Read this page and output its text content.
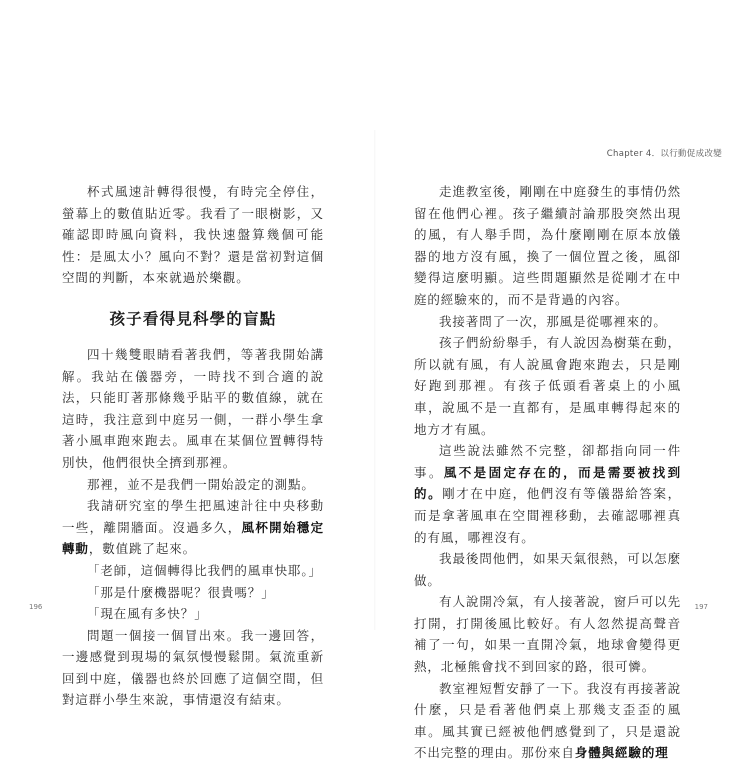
杯式風速計轉得很慢，有時完全停住，螢幕上的數值貼近零。我看了一眼樹影，又確認即時風向資料，我快速盤算幾個可能性：是風太小？風向不對？還是當初對這個空間的判斷，本來就過於樂觀。

孩子看得見科學的盲點

四十幾雙眼睛看著我們，等著我開始講解。我站在儀器旁，一時找不到合適的說法，只能盯著那條幾乎貼平的數值線，就在這時，我注意到中庭另一側，一群小學生拿著小風車跑來跑去。風車在某個位置轉得特別快，他們很快全擠到那裡。

那裡，並不是我們一開始設定的測點。

我請研究室的學生把風速計往中央移動一些，離開牆面。沒過多久，風杯開始穩定轉動，數值跳了起來。

「老師，這個轉得比我們的風車快耶。」

「那是什麼機器呢？很貴嗎？」

「現在風有多快？」

問題一個接一個冒出來。我一邊回答，一邊感覺到現場的氣氛慢慢鬆開。氣流重新回到中庭，儀器也終於回應了這個空間，但對這群小學生來說，事情還沒有結束。

196
Chapter 4．以行動促成改變

走進教室後，剛剛在中庭發生的事情仍然留在他們心裡。孩子繼續討論那股突然出現的風，有人舉手問，為什麼剛剛在原本放儀器的地方沒有風，換了一個位置之後，風卻變得這麼明顯。這些問題顯然是從剛才在中庭的經驗來的，而不是背過的內容。

我接著問了一次，那風是從哪裡來的。

孩子們紛紛舉手，有人說因為樹葉在動，所以就有風，有人說風會跑來跑去，只是剛好跑到那裡。有孩子低頭看著桌上的小風車，說風不是一直都有，是風車轉得起來的地方才有風。

這些說法雖然不完整，卻都指向同一件事。風不是固定存在的，而是需要被找到的。剛才在中庭，他們沒有等儀器給答案，而是拿著風車在空間裡移動，去確認哪裡真的有風，哪裡沒有。

我最後問他們，如果天氣很熱，可以怎麼做。

有人說開冷氣，有人接著說，窗戶可以先打開，打開後風比較好。有人忽然提高聲音補了一句，如果一直開冷氣，地球會變得更熱，北極熊會找不到回家的路，很可憐。

教室裡短暫安靜了一下。我沒有再接著說什麼，只是看著他們桌上那幾支歪歪的風車。風其實已經被他們感覺到了，只是還說不出完整的理由。那份來自身體與經驗的理

197
